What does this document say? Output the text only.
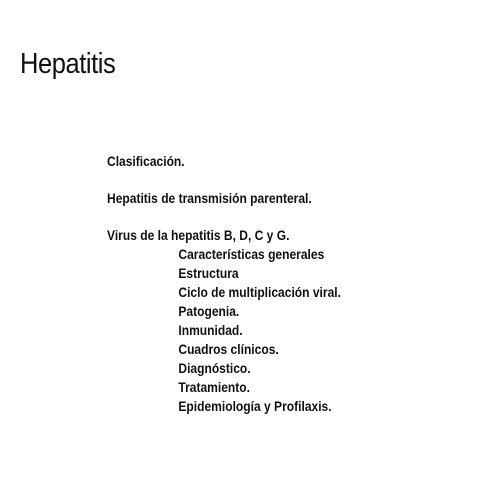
Hepatitis
Clasificación.
Hepatitis de transmisión parenteral.
Virus de la hepatitis B, D, C y G.
Características generales
Estructura
Ciclo de multiplicación viral.
Patogenia.
Inmunidad.
Cuadros clínicos.
Diagnóstico.
Tratamiento.
Epidemiología y Profilaxis.
